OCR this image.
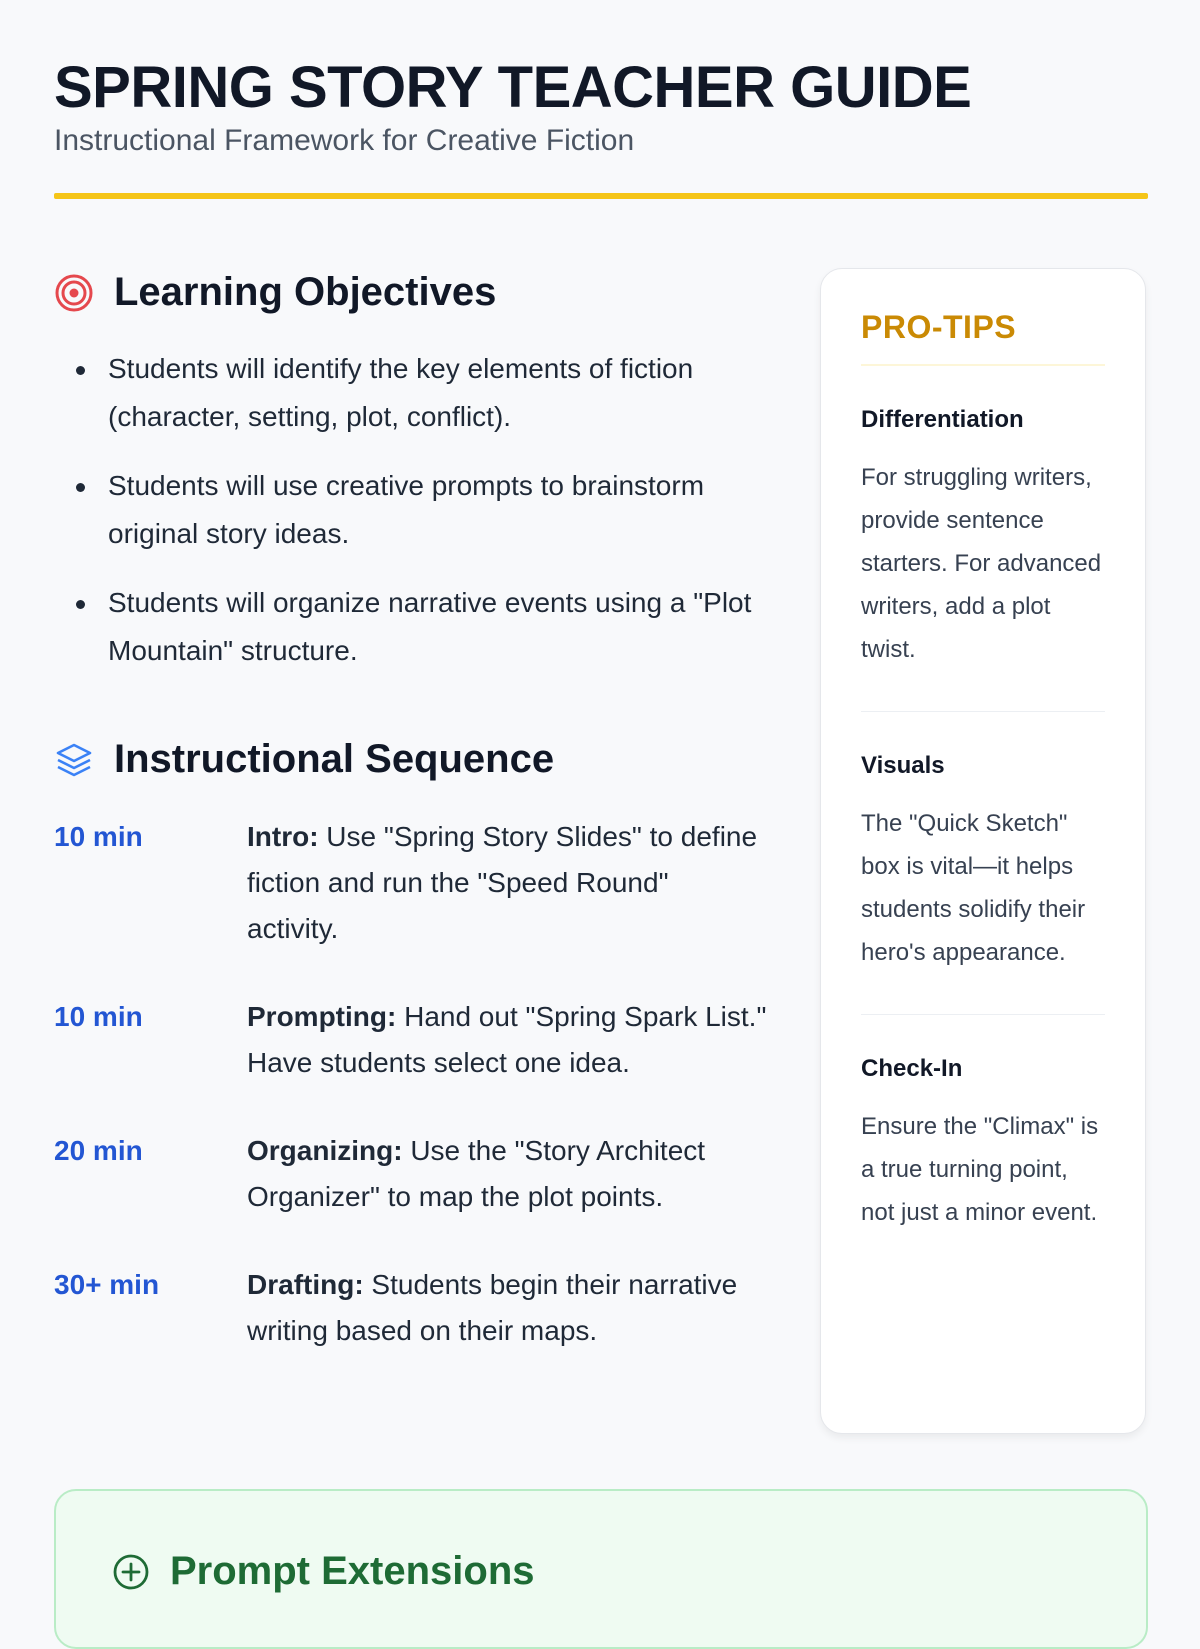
SPRING STORY TEACHER GUIDE
Instructional Framework for Creative Fiction
Learning Objectives
Students will identify the key elements of fiction (character, setting, plot, conflict).
Students will use creative prompts to brainstorm original story ideas.
Students will organize narrative events using a "Plot Mountain" structure.
Instructional Sequence
10 min	Intro: Use "Spring Story Slides" to define fiction and run the "Speed Round" activity.
10 min	Prompting: Hand out "Spring Spark List." Have students select one idea.
20 min	Organizing: Use the "Story Architect Organizer" to map the plot points.
30+ min	Drafting: Students begin their narrative writing based on their maps.
PRO-TIPS
Differentiation
For struggling writers, provide sentence starters. For advanced writers, add a plot twist.
Visuals
The "Quick Sketch" box is vital—it helps students solidify their hero's appearance.
Check-In
Ensure the "Climax" is a true turning point, not just a minor event.
Prompt Extensions
